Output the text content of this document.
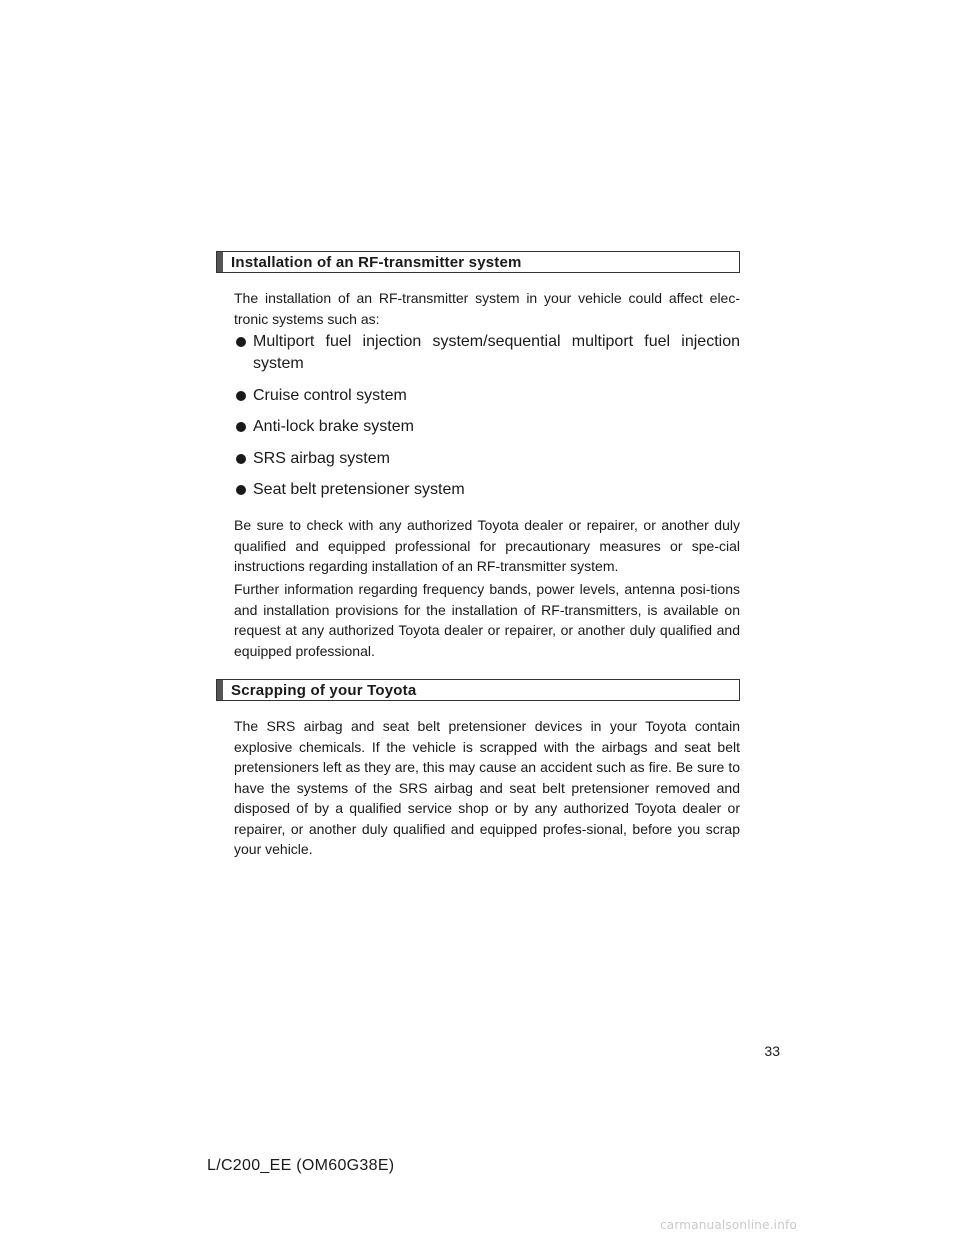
Installation of an RF-transmitter system
The installation of an RF-transmitter system in your vehicle could affect elec-tronic systems such as:
Multiport fuel injection system/sequential multiport fuel injection system
Cruise control system
Anti-lock brake system
SRS airbag system
Seat belt pretensioner system
Be sure to check with any authorized Toyota dealer or repairer, or another duly qualified and equipped professional for precautionary measures or spe-cial instructions regarding installation of an RF-transmitter system.
Further information regarding frequency bands, power levels, antenna posi-tions and installation provisions for the installation of RF-transmitters, is available on request at any authorized Toyota dealer or repairer, or another duly qualified and equipped professional.
Scrapping of your Toyota
The SRS airbag and seat belt pretensioner devices in your Toyota contain explosive chemicals. If the vehicle is scrapped with the airbags and seat belt pretensioners left as they are, this may cause an accident such as fire. Be sure to have the systems of the SRS airbag and seat belt pretensioner removed and disposed of by a qualified service shop or by any authorized Toyota dealer or repairer, or another duly qualified and equipped profes-sional, before you scrap your vehicle.
33
L/C200_EE (OM60G38E)
carmanualsonline.info
